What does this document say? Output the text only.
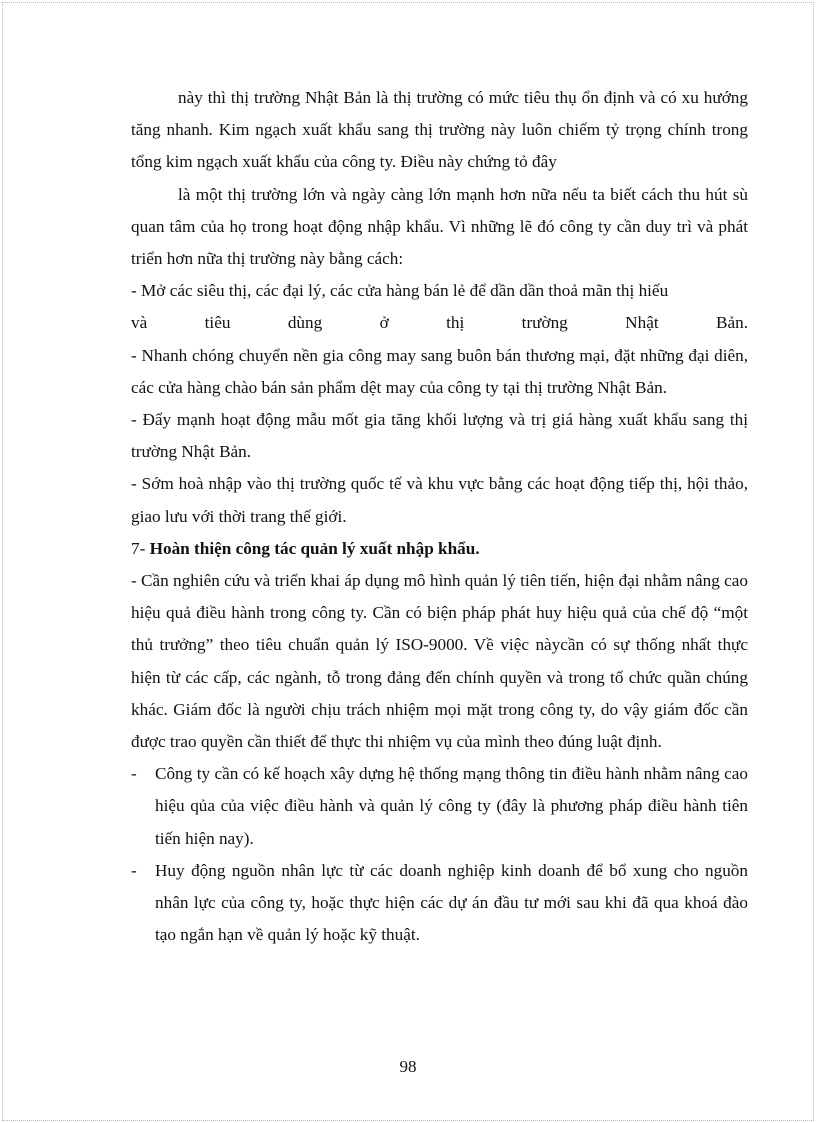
này thì thị trường Nhật Bản là thị trường có mức tiêu thụ ổn định và có xu hướng tăng nhanh. Kim ngạch xuất khẩu sang thị trường này luôn chiếm tỷ trọng chính trong tổng kim ngạch xuất khẩu của công ty. Điều này chứng tỏ đây

là một thị trường lớn và ngày càng lớn mạnh hơn nữa nếu ta biết cách thu hút sù quan tâm của họ trong hoạt động nhập khẩu. Vì những lẽ đó công ty cần duy trì và phát triển hơn nữa thị trường này bằng cách:

- Mở các siêu thị, các đại lý, các cửa hàng bán lẻ để dần dần thoả mãn thị hiếu
và tiêu dùng ở thị trường Nhật Bản.

- Nhanh chóng chuyển nền gia công may sang buôn bán thương mại, đặt những đại diên, các cửa hàng chào bán sản phẩm dệt may của công ty tại thị trường Nhật Bản.

- Đẩy mạnh hoạt động mẫu mốt gia tăng khối lượng và trị giá hàng xuất khẩu sang thị trường Nhật Bản.

- Sớm hoà nhập vào thị trường quốc tế và khu vực bằng các hoạt động tiếp thị, hội thảo, giao lưu với thời trang thế giới.

7- Hoàn thiện công tác quản lý xuất nhập khẩu.

- Cần nghiên cứu và triển khai áp dụng mô hình quản lý tiên tiến, hiện đại nhằm nâng cao hiệu quả điều hành trong công ty. Cần có biện pháp phát huy hiệu quả của chế độ “một thủ trưởng” theo tiêu chuẩn quản lý ISO-9000. Về việc nàycần có sự thống nhất thực hiện từ các cấp, các ngành, tỗ trong đảng đến chính quyền và trong tổ chức quần chúng khác. Giám đốc là người chịu trách nhiệm mọi mặt trong công ty, do vậy giám đốc cần được trao quyền cần thiết để thực thi nhiệm vụ của mình theo đúng luật định.

-	Công ty cần có kế hoạch xây dựng hệ thống mạng thông tin điều hành nhằm nâng cao hiệu qủa của việc điều hành và quản lý công ty (đây là phương pháp điều hành tiên tiến hiện nay).
-	Huy động nguồn nhân lực từ các doanh nghiệp kinh doanh để bổ xung cho nguồn nhân lực của công ty, hoặc thực hiện các dự án đầu tư mới sau khi đã qua khoá đào tạo ngắn hạn về quản lý hoặc kỹ thuật.
98
